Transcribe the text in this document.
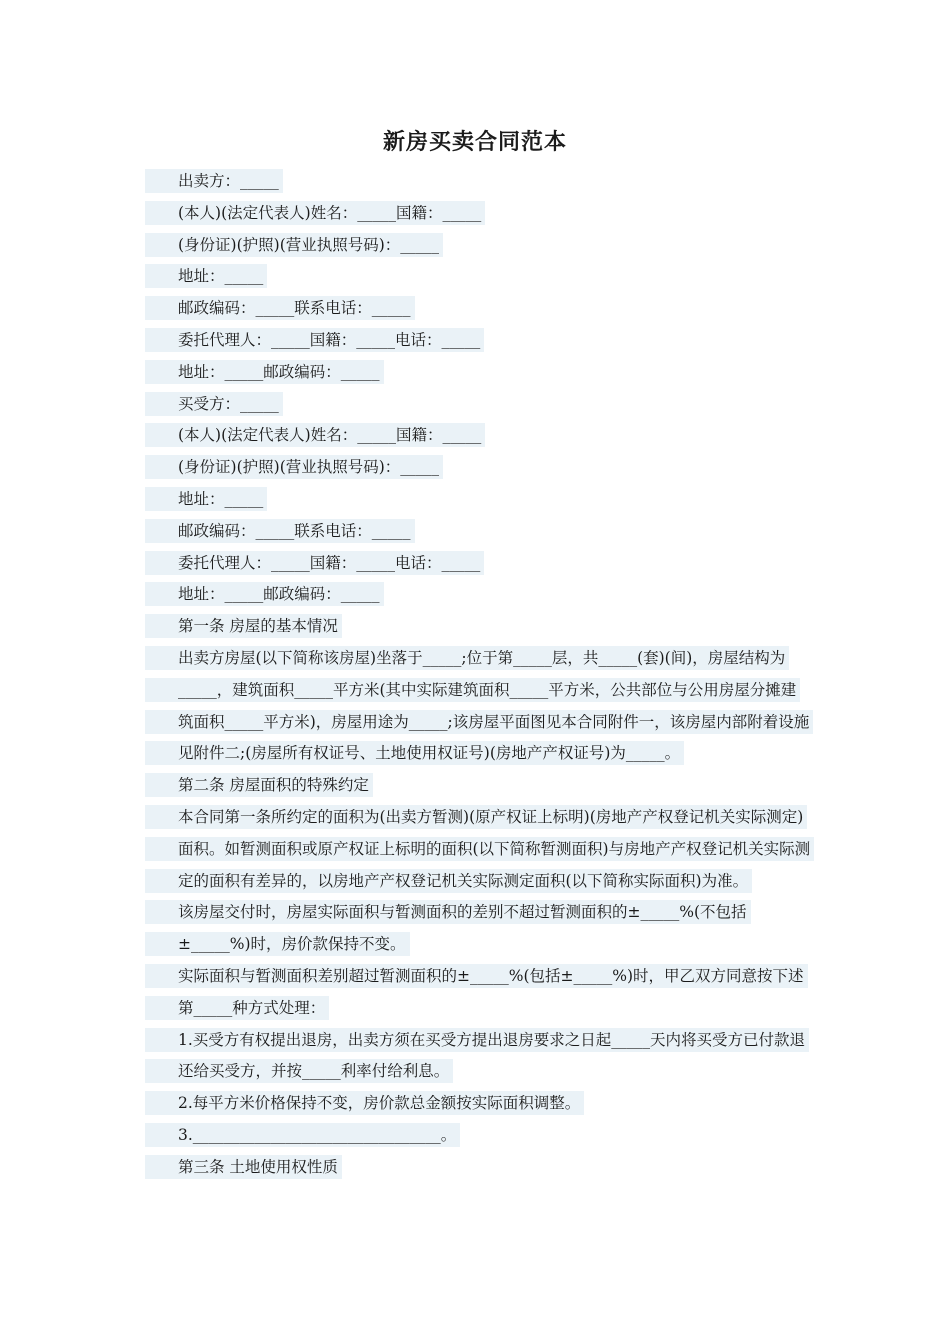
新房买卖合同范本
出卖方：_____
(本人)(法定代表人)姓名：_____国籍：_____
(身份证)(护照)(营业执照号码)：_____
地址：_____
邮政编码：_____联系电话：_____
委托代理人：_____国籍：_____电话：_____
地址：_____邮政编码：_____
买受方：_____
(本人)(法定代表人)姓名：_____国籍：_____
(身份证)(护照)(营业执照号码)：_____
地址：_____
邮政编码：_____联系电话：_____
委托代理人：_____国籍：_____电话：_____
地址：_____邮政编码：_____
第一条 房屋的基本情况
出卖方房屋(以下简称该房屋)坐落于_____;位于第_____层，共_____(套)(间)，房屋结构为_____，建筑面积_____平方米(其中实际建筑面积_____平方米，公共部位与公用房屋分摊建筑面积_____平方米)，房屋用途为_____;该房屋平面图见本合同附件一，该房屋内部附着设施见附件二;(房屋所有权证号、土地使用权证号)(房地产产权证号)为_____。
第二条 房屋面积的特殊约定
本合同第一条所约定的面积为(出卖方暂测)(原产权证上标明)(房地产产权登记机关实际测定)面积。如暂测面积或原产权证上标明的面积(以下简称暂测面积)与房地产产权登记机关实际测定的面积有差异的，以房地产产权登记机关实际测定面积(以下简称实际面积)为准。
该房屋交付时，房屋实际面积与暂测面积的差别不超过暂测面积的±_____%(不包括±_____%)时，房价款保持不变。
实际面积与暂测面积差别超过暂测面积的±_____%(包括±_____%)时，甲乙双方同意按下述第_____种方式处理：
1.买受方有权提出退房，出卖方须在买受方提出退房要求之日起_____天内将买受方已付款退还给买受方，并按_____利率付给利息。
2.每平方米价格保持不变，房价款总金额按实际面积调整。
3.________________________________。
第三条 土地使用权性质
